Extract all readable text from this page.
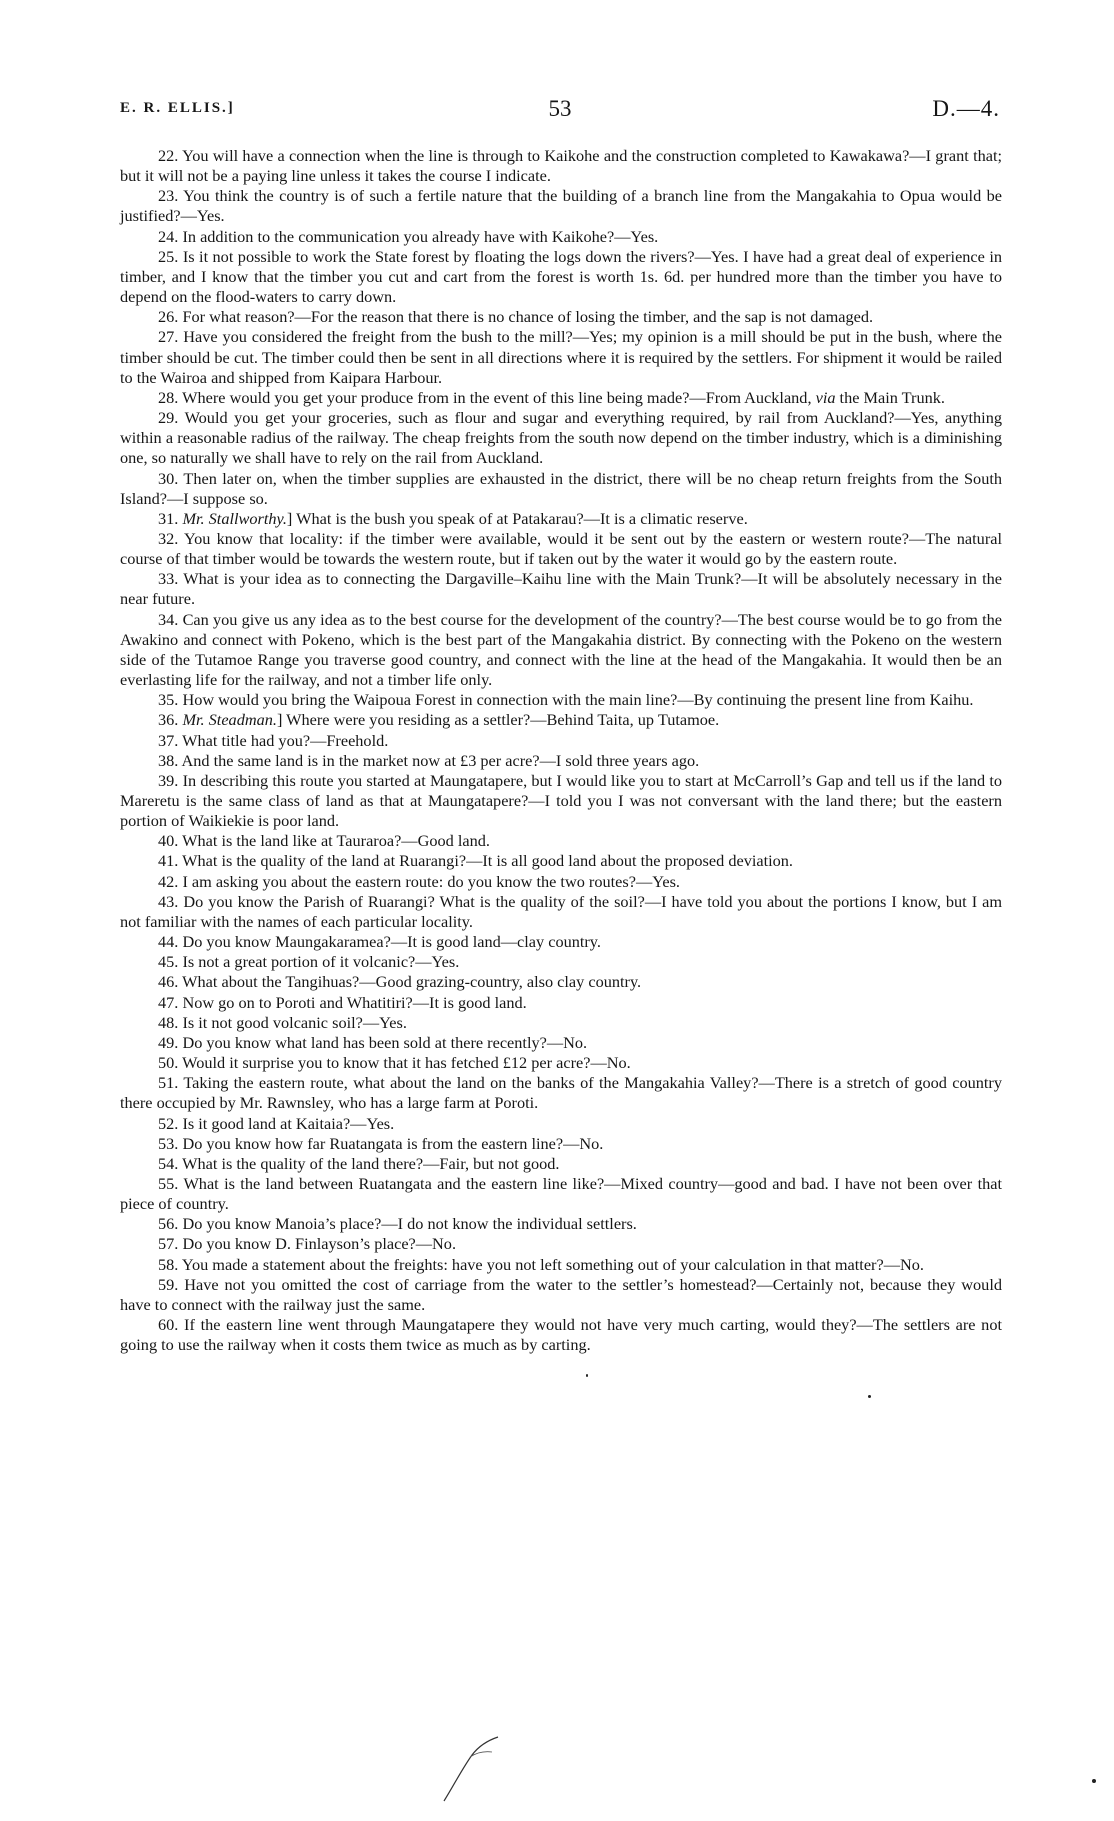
E. R. ELLIS.]	53	D.—4.

22. You will have a connection when the line is through to Kaikohe and the construction completed to Kawakawa?—I grant that; but it will not be a paying line unless it takes the course I indicate.

23. You think the country is of such a fertile nature that the building of a branch line from the Mangakahia to Opua would be justified?—Yes.

24. In addition to the communication you already have with Kaikohe?—Yes.

25. Is it not possible to work the State forest by floating the logs down the rivers?—Yes. I have had a great deal of experience in timber, and I know that the timber you cut and cart from the forest is worth 1s. 6d. per hundred more than the timber you have to depend on the flood-waters to carry down.

26. For what reason?—For the reason that there is no chance of losing the timber, and the sap is not damaged.

27. Have you considered the freight from the bush to the mill?—Yes; my opinion is a mill should be put in the bush, where the timber should be cut. The timber could then be sent in all directions where it is required by the settlers. For shipment it would be railed to the Wairoa and shipped from Kaipara Harbour.

28. Where would you get your produce from in the event of this line being made?—From Auckland, via the Main Trunk.

29. Would you get your groceries, such as flour and sugar and everything required, by rail from Auckland?—Yes, anything within a reasonable radius of the railway. The cheap freights from the south now depend on the timber industry, which is a diminishing one, so naturally we shall have to rely on the rail from Auckland.

30. Then later on, when the timber supplies are exhausted in the district, there will be no cheap return freights from the South Island?—I suppose so.

31. Mr. Stallworthy.] What is the bush you speak of at Patakarau?—It is a climatic reserve.

32. You know that locality: if the timber were available, would it be sent out by the eastern or western route?—The natural course of that timber would be towards the western route, but if taken out by the water it would go by the eastern route.

33. What is your idea as to connecting the Dargaville–Kaihu line with the Main Trunk?—It will be absolutely necessary in the near future.

34. Can you give us any idea as to the best course for the development of the country?—The best course would be to go from the Awakino and connect with Pokeno, which is the best part of the Mangakahia district. By connecting with the Pokeno on the western side of the Tutamoe Range you traverse good country, and connect with the line at the head of the Mangakahia. It would then be an everlasting life for the railway, and not a timber life only.

35. How would you bring the Waipoua Forest in connection with the main line?—By continuing the present line from Kaihu.

36. Mr. Steadman.] Where were you residing as a settler?—Behind Taita, up Tutamoe.

37. What title had you?—Freehold.

38. And the same land is in the market now at £3 per acre?—I sold three years ago.

39. In describing this route you started at Maungatapere, but I would like you to start at McCarroll’s Gap and tell us if the land to Mareretu is the same class of land as that at Maungatapere?—I told you I was not conversant with the land there; but the eastern portion of Waikiekie is poor land.

40. What is the land like at Tauraroa?—Good land.

41. What is the quality of the land at Ruarangi?—It is all good land about the proposed deviation.

42. I am asking you about the eastern route: do you know the two routes?—Yes.

43. Do you know the Parish of Ruarangi? What is the quality of the soil?—I have told you about the portions I know, but I am not familiar with the names of each particular locality.

44. Do you know Maungakaramea?—It is good land—clay country.

45. Is not a great portion of it volcanic?—Yes.

46. What about the Tangihuas?—Good grazing-country, also clay country.

47. Now go on to Poroti and Whatitiri?—It is good land.

48. Is it not good volcanic soil?—Yes.

49. Do you know what land has been sold at there recently?—No.

50. Would it surprise you to know that it has fetched £12 per acre?—No.

51. Taking the eastern route, what about the land on the banks of the Mangakahia Valley?—There is a stretch of good country there occupied by Mr. Rawnsley, who has a large farm at Poroti.

52. Is it good land at Kaitaia?—Yes.

53. Do you know how far Ruatangata is from the eastern line?—No.

54. What is the quality of the land there?—Fair, but not good.

55. What is the land between Ruatangata and the eastern line like?—Mixed country—good and bad. I have not been over that piece of country.

56. Do you know Manoia’s place?—I do not know the individual settlers.

57. Do you know D. Finlayson’s place?—No.

58. You made a statement about the freights: have you not left something out of your calculation in that matter?—No.

59. Have not you omitted the cost of carriage from the water to the settler’s homestead?—Certainly not, because they would have to connect with the railway just the same.

60. If the eastern line went through Maungatapere they would not have very much carting, would they?—The settlers are not going to use the railway when it costs them twice as much as by carting.
